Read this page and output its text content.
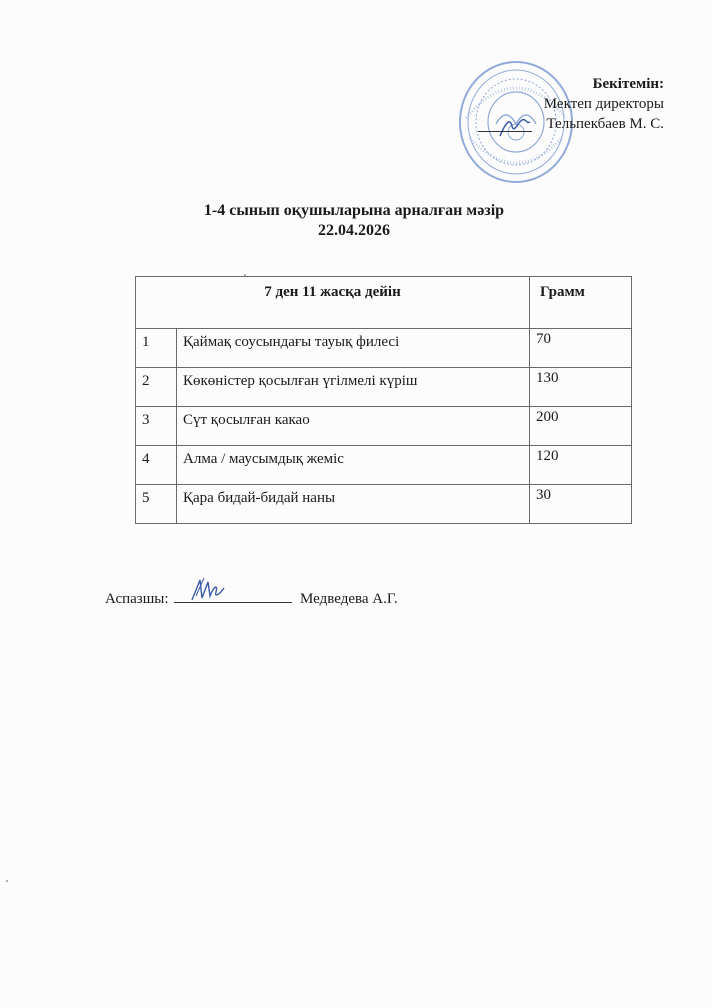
Бекітемін:
Мектеп директоры
Тельпекбаев М. С.
1-4 сынып оқушыларына арналған мәзір
22.04.2026
7 ден 11 жасқа дейін		Грамм
1	Қаймақ соусындағы тауық филесі	70
2	Көкөністер қосылған үгілмелі күріш	130
3	Сүт қосылған какао	200
4	Алма / маусымдық жеміс	120
5	Қара бидай-бидай наны	30
Аспазшы:	Медведева А.Г.
